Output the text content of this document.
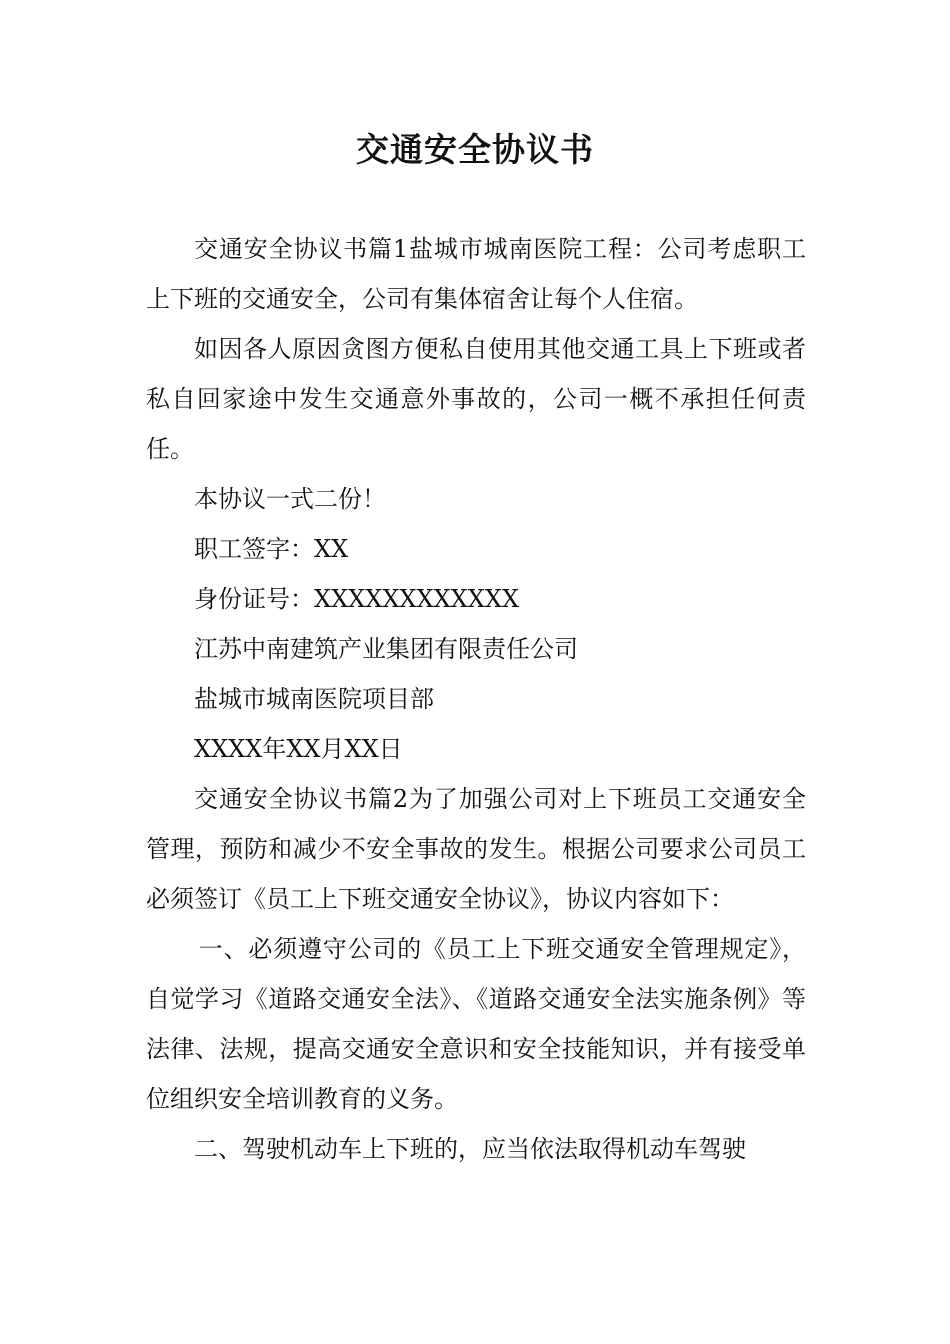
交通安全协议书

交通安全协议书篇1盐城市城南医院工程：公司考虑职工上下班的交通安全，公司有集体宿舍让每个人住宿。

如因各人原因贪图方便私自使用其他交通工具上下班或者私自回家途中发生交通意外事故的，公司一概不承担任何责任。

本协议一式二份！

职工签字：XX

身份证号：XXXXXXXXXXXX

江苏中南建筑产业集团有限责任公司

盐城市城南医院项目部

XXXX年XX月XX日

交通安全协议书篇2为了加强公司对上下班员工交通安全管理，预防和减少不安全事故的发生。根据公司要求公司员工必须签订《员工上下班交通安全协议》，协议内容如下：

一、必须遵守公司的《员工上下班交通安全管理规定》，自觉学习《道路交通安全法》、《道路交通安全法实施条例》等法律、法规，提高交通安全意识和安全技能知识，并有接受单位组织安全培训教育的义务。

二、驾驶机动车上下班的，应当依法取得机动车驾驶
